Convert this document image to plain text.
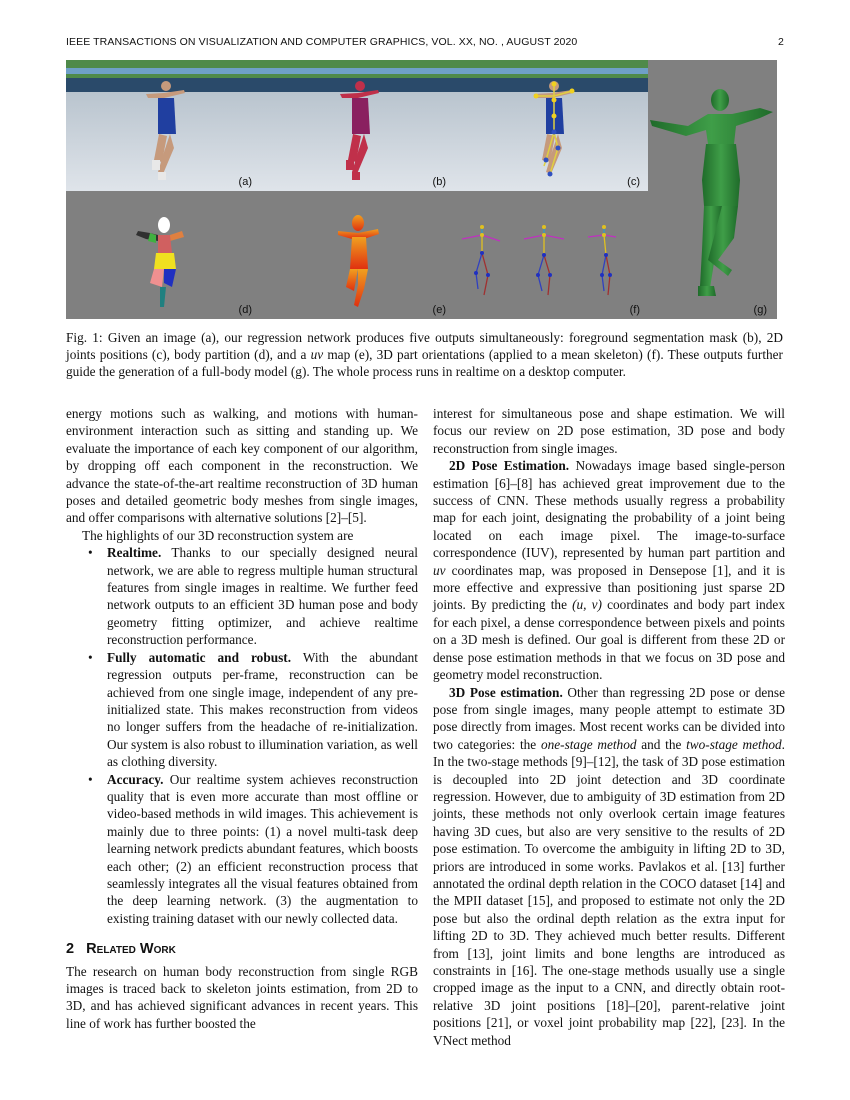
IEEE TRANSACTIONS ON VISUALIZATION AND COMPUTER GRAPHICS, VOL. XX, NO. , AUGUST 2020	2
(a)	(b)	(c)
(d)	(e)	(f)	(g)
Fig. 1: Given an image (a), our regression network produces five outputs simultaneously: foreground segmentation mask (b), 2D joints positions (c), body partition (d), and a uv map (e), 3D part orientations (applied to a mean skeleton) (f). These outputs further guide the generation of a full-body model (g). The whole process runs in realtime on a desktop computer.

energy motions such as walking, and motions with human-environment interaction such as sitting and standing up. We evaluate the importance of each key component of our algorithm, by dropping off each component in the reconstruction. We advance the state-of-the-art realtime reconstruction of 3D human poses and detailed geometric body meshes from single images, and offer comparisons with alternative solutions [2]–[5].

The highlights of our 3D reconstruction system are

• Realtime. Thanks to our specially designed neural network, we are able to regress multiple human structural features from single images in realtime. We further feed network outputs to an efficient 3D human pose and body geometry fitting optimizer, and achieve realtime reconstruction performance.
• Fully automatic and robust. With the abundant regression outputs per-frame, reconstruction can be achieved from one single image, independent of any pre-initialized state. This makes reconstruction from videos no longer suffers from the headache of re-initialization. Our system is also robust to illumination variation, as well as clothing diversity.
• Accuracy. Our realtime system achieves reconstruction quality that is even more accurate than most offline or video-based methods in wild images. This achievement is mainly due to three points: (1) a novel multi-task deep learning network predicts abundant features, which boosts each other; (2) an efficient reconstruction process that seamlessly integrates all the visual features obtained from the deep learning network. (3) the augmentation to existing training dataset with our newly collected data.

2 Related Work

The research on human body reconstruction from single RGB images is traced back to skeleton joints estimation, from 2D to 3D, and has achieved significant advances in recent years. This line of work has further boosted the

interest for simultaneous pose and shape estimation. We will focus our review on 2D pose estimation, 3D pose and body reconstruction from single images.

2D Pose Estimation. Nowadays image based single-person estimation [6]–[8] has achieved great improvement due to the success of CNN. These methods usually regress a probability map for each joint, designating the probability of a joint being located on each image pixel. The image-to-surface correspondence (IUV), represented by human part partition and uv coordinates map, was proposed in Densepose [1], and it is more effective and expressive than positioning just sparse 2D joints. By predicting the (u, v) coordinates and body part index for each pixel, a dense correspondence between pixels and points on a 3D mesh is defined. Our goal is different from these 2D or dense pose estimation methods in that we focus on 3D pose and geometry model reconstruction.

3D Pose estimation. Other than regressing 2D pose or dense pose from single images, many people attempt to estimate 3D pose directly from images. Most recent works can be divided into two categories: the one-stage method and the two-stage method. In the two-stage methods [9]–[12], the task of 3D pose estimation is decoupled into 2D joint detection and 3D coordinate regression. However, due to ambiguity of 3D estimation from 2D joints, these methods not only overlook certain image features having 3D cues, but also are very sensitive to the results of 2D pose estimation. To overcome the ambiguity in lifting 2D to 3D, priors are introduced in some works. Pavlakos et al. [13] further annotated the ordinal depth relation in the COCO dataset [14] and the MPII dataset [15], and proposed to estimate not only the 2D pose but also the ordinal depth relation as the extra input for lifting 2D to 3D. They achieved much better results. Different from [13], joint limits and bone lengths are introduced as constraints in [16]. The one-stage methods usually use a single cropped image as the input to a CNN, and directly obtain root-relative 3D joint positions [18]–[20], parent-relative joint positions [21], or voxel joint probability map [22], [23]. In the VNect method
